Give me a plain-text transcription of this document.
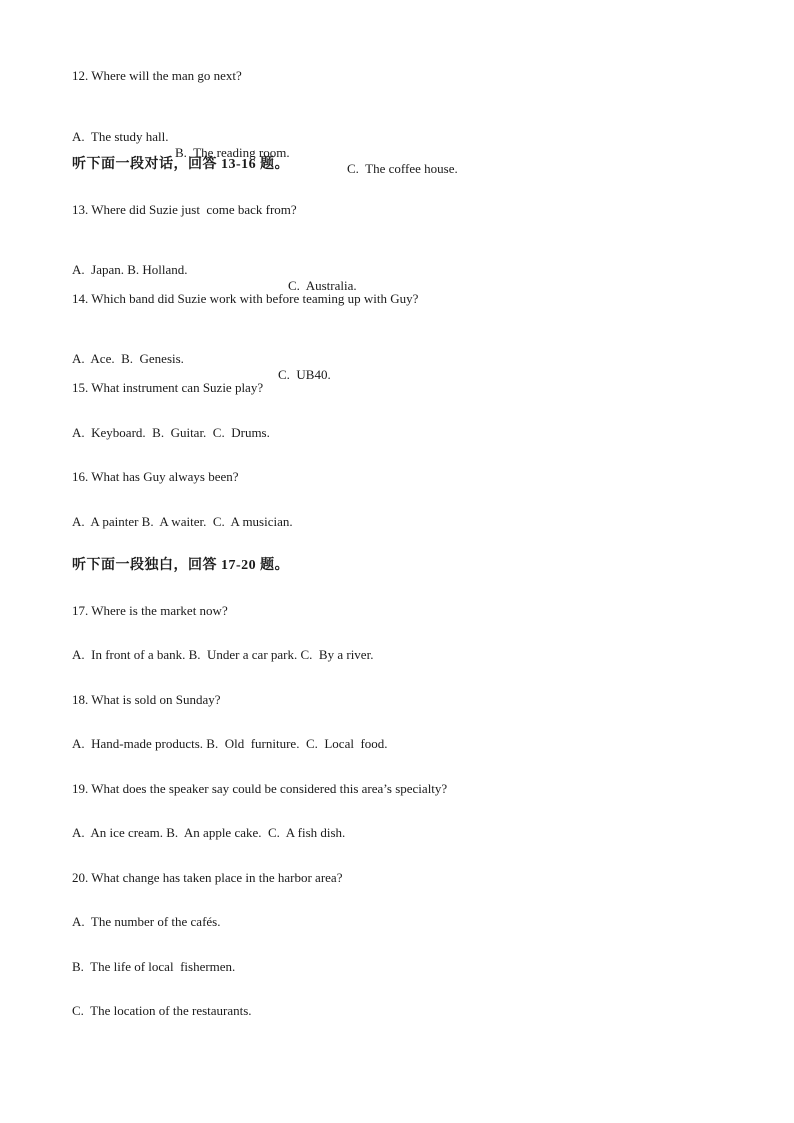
12. Where will the man go next?

A.  The study hall.

B.  The reading room.

C.  The coffee house.

听下面一段对话，回答 13-16 题。
13. Where did Suzie just  come back from?

A.  Japan. B. Holland.

C.  Australia.

14. Which band did Suzie work with before teaming up with Guy?

A.  Ace.  B.  Genesis.

C.  UB40.

15. What instrument can Suzie play?
A.  Keyboard.  B.  Guitar.  C.  Drums.
16. What has Guy always been?
A.  A painter B.  A waiter.  C.  A musician.
听下面一段独白，回答 17-20 题。
17. Where is the market now?
A.  In front of a bank. B.  Under a car park. C.  By a river.
18. What is sold on Sunday?
A.  Hand-made products. B.  Old  furniture.  C.  Local  food.
19. What does the speaker say could be considered this area’s specialty?
A.  An ice cream. B.  An apple cake.  C.  A fish dish.
20. What change has taken place in the harbor area?
A.  The number of the cafés.
B.  The life of local  fishermen.
C.  The location of the restaurants.
